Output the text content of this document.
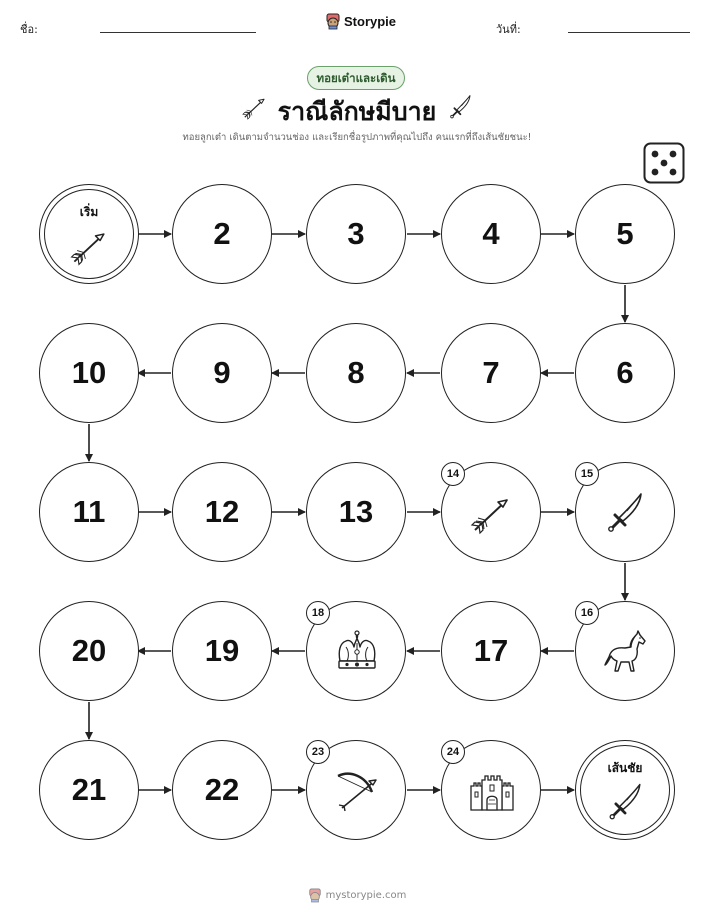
ชื่อ:
Storypie
วันที่:
ทอยเต๋าและเดิน
ราณีลักษมีบาย
ทอยลูกเต๋า เดินตามจำนวนช่อง และเรียกชื่อรูปภาพที่คุณไปถึง คนแรกที่ถึงเส้นชัยชนะ!
เริ่ม
2	3	4	5
10	9	8	7	6
11	12	13
14	15
20	19
18
17
16
21	22
23	24
เส้นชัย
mystorypie.com
